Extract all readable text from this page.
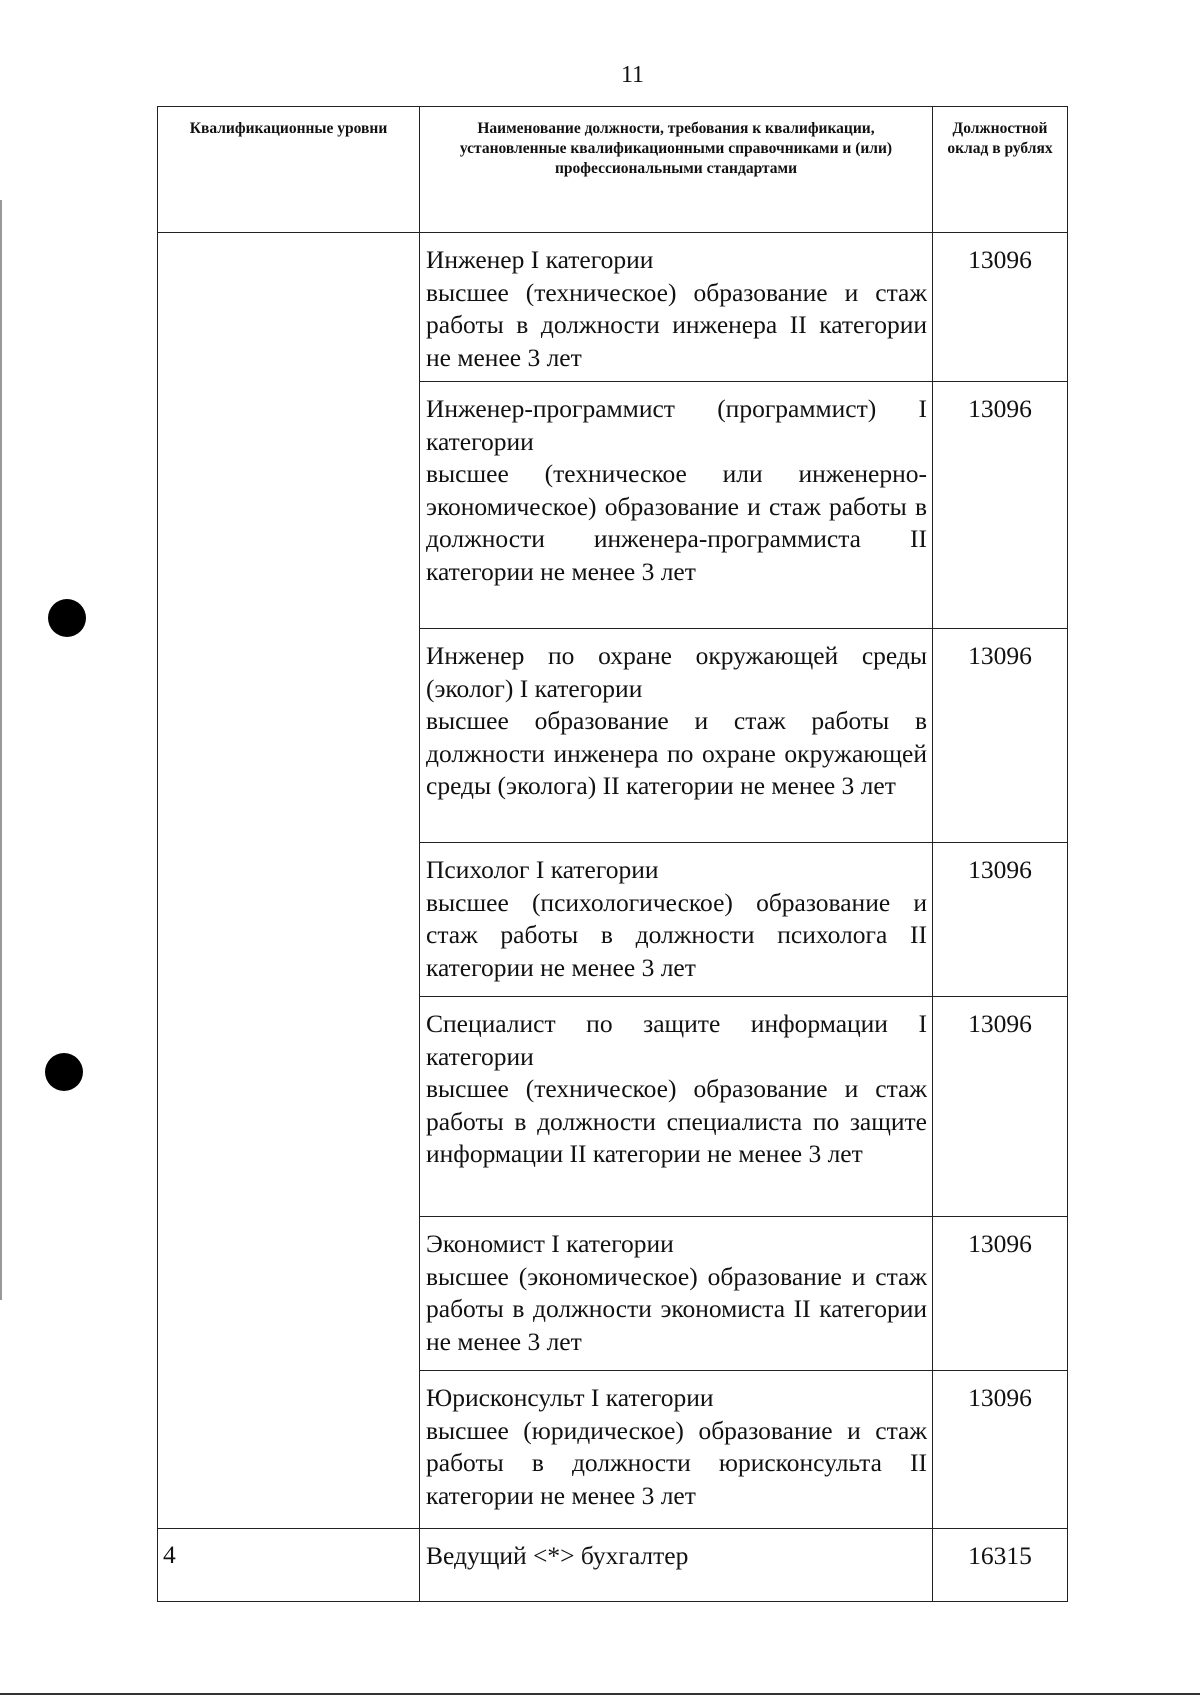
11
Квалификационные уровни	Наименование должности, требования к квалификации, установленные квалификационными справочниками и (или) профессиональными стандартами	Должностной оклад в рублях

	Инженер I категории
высшее (техническое) образование и стаж работы в должности инженера II категории не менее 3 лет	13096

	Инженер-программист (программист) I категории
высшее (техническое или инженерно-экономическое) образование и стаж работы в должности инженера-программиста II категории не менее 3 лет	13096

	Инженер по охране окружающей среды (эколог) I категории
высшее образование и стаж работы в должности инженера по охране окружающей среды (эколога) II категории не менее 3 лет	13096

	Психолог I категории
высшее (психологическое) образование и стаж работы в должности психолога II категории не менее 3 лет	13096

	Специалист по защите информации I категории
высшее (техническое) образование и стаж работы в должности специалиста по защите информации II категории не менее 3 лет	13096

	Экономист I категории
высшее (экономическое) образование и стаж работы в должности экономиста II категории не менее 3 лет	13096

	Юрисконсульт I категории
высшее (юридическое) образование и стаж работы в должности юрисконсульта II категории не менее 3 лет	13096
4	Ведущий <*> бухгалтер	16315
